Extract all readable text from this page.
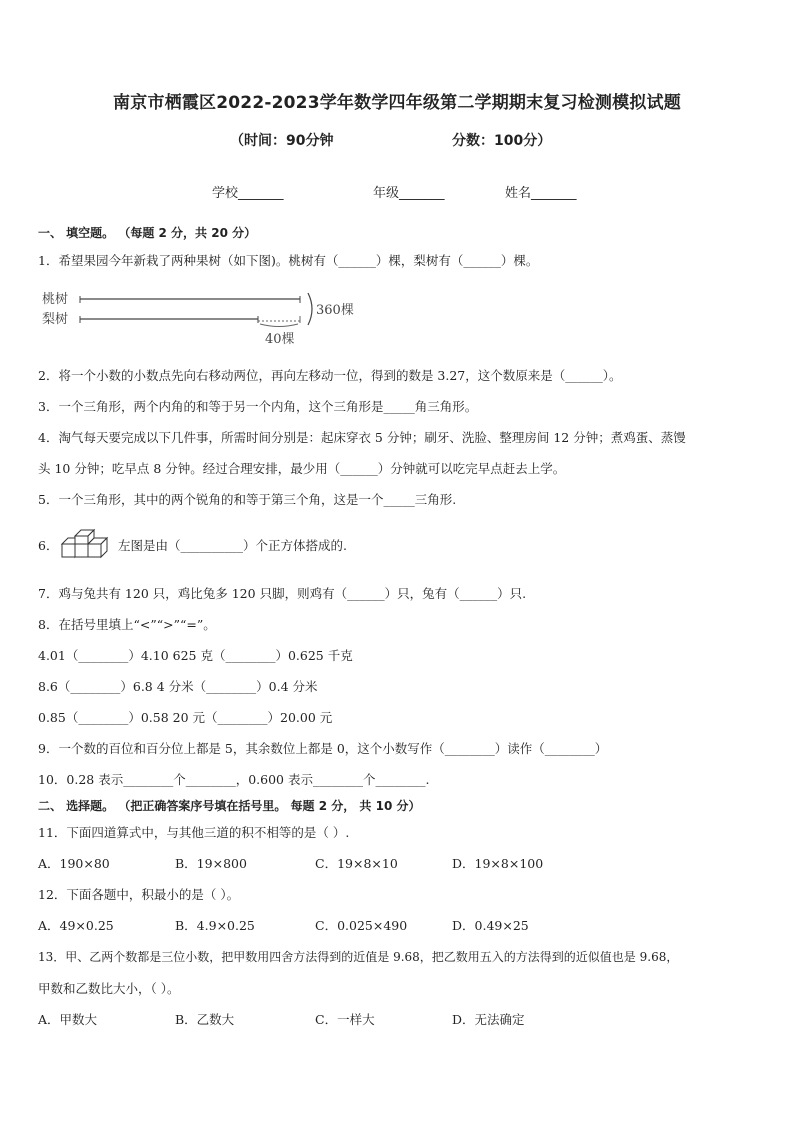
南京市栖霞区2022-2023学年数学四年级第二学期期末复习检测模拟试题
（时间：90分钟	分数：100分）
学校_______	年级_______	姓名_______
一、 填空题。 （每题 2 分，共 20 分）
1．希望果园今年新栽了两种果树（如下图)。桃树有（______）棵，梨树有（______）棵。
桃树
梨树
360棵
40棵
2．将一个小数的小数点先向右移动两位，再向左移动一位，得到的数是 3.27，这个数原来是（______）。
3．一个三角形，两个内角的和等于另一个内角，这个三角形是_____角三角形。
4．淘气每天要完成以下几件事，所需时间分别是：起床穿衣 5 分钟；刷牙、洗脸、整理房间 12 分钟；煮鸡蛋、蒸馒
头 10 分钟；吃早点 8 分钟。经过合理安排，最少用（______）分钟就可以吃完早点赶去上学。
5．一个三角形，其中的两个锐角的和等于第三个角，这是一个_____三角形.
6．	左图是由（__________）个正方体搭成的.
7．鸡与兔共有 120 只，鸡比兔多 120 只脚，则鸡有（______）只，兔有（______）只.
8．在括号里填上“<”“>”“=”。
4.01（________）4.10 625 克（________）0.625 千克
8.6（________）6.8 4 分米（________）0.4 分米
0.85（________）0.58 20 元（________）20.00 元
9．一个数的百位和百分位上都是 5，其余数位上都是 0，这个小数写作（________）读作（________）
10．0.28 表示________个________，0.600 表示________个________.
二、 选择题。 （把正确答案序号填在括号里。 每题 2 分， 共 10 分）
11．下面四道算式中，与其他三道的积不相等的是（ ）.
A．190×80	B．19×800	C．19×8×10	D．19×8×100
12．下面各题中，积最小的是（ ）。
A．49×0.25	B．4.9×0.25	C．0.025×490	D．0.49×25
13．甲、乙两个数都是三位小数，把甲数用四舍方法得到的近值是 9.68，把乙数用五入的方法得到的近似值也是 9.68，
甲数和乙数比大小，（ ）。
A．甲数大	B．乙数大	C．一样大	D．无法确定
